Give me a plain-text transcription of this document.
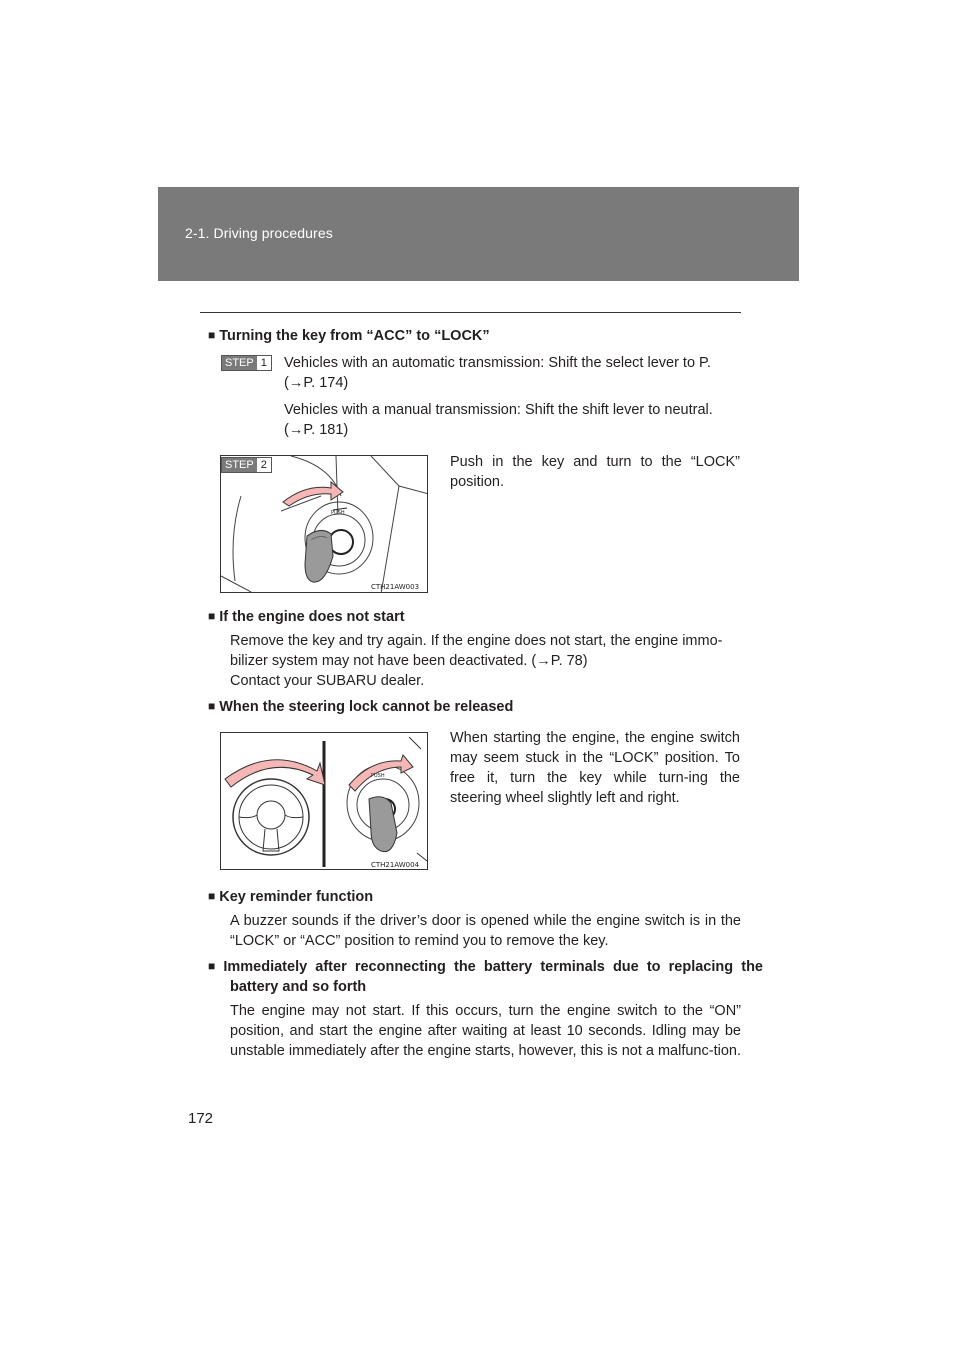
2-1. Driving procedures
■ Turning the key from “ACC” to “LOCK”
STEP 1 Vehicles with an automatic transmission: Shift the select lever to P.
(→P. 174)
Vehicles with a manual transmission: Shift the shift lever to neutral.
(→P. 181)
PUSH
CTH21AW003
STEP 2	Push in the key and turn to the “LOCK” position.
■ If the engine does not start
Remove the key and try again. If the engine does not start, the engine immo-
bilizer system may not have been deactivated. (→P. 78)
Contact your SUBARU dealer.
■ When the steering lock cannot be released
PUSH
CTH21AW004
When starting the engine, the engine switch may seem stuck in the “LOCK” position. To free it, turn the key while turn-ing the steering wheel slightly left and right.
■ Key reminder function
A buzzer sounds if the driver’s door is opened while the engine switch is in the “LOCK” or “ACC” position to remind you to remove the key.
■ Immediately after reconnecting the battery terminals due to replacing the battery and so forth
The engine may not start. If this occurs, turn the engine switch to the “ON” position, and start the engine after waiting at least 10 seconds. Idling may be unstable immediately after the engine starts, however, this is not a malfunc-tion.
172
